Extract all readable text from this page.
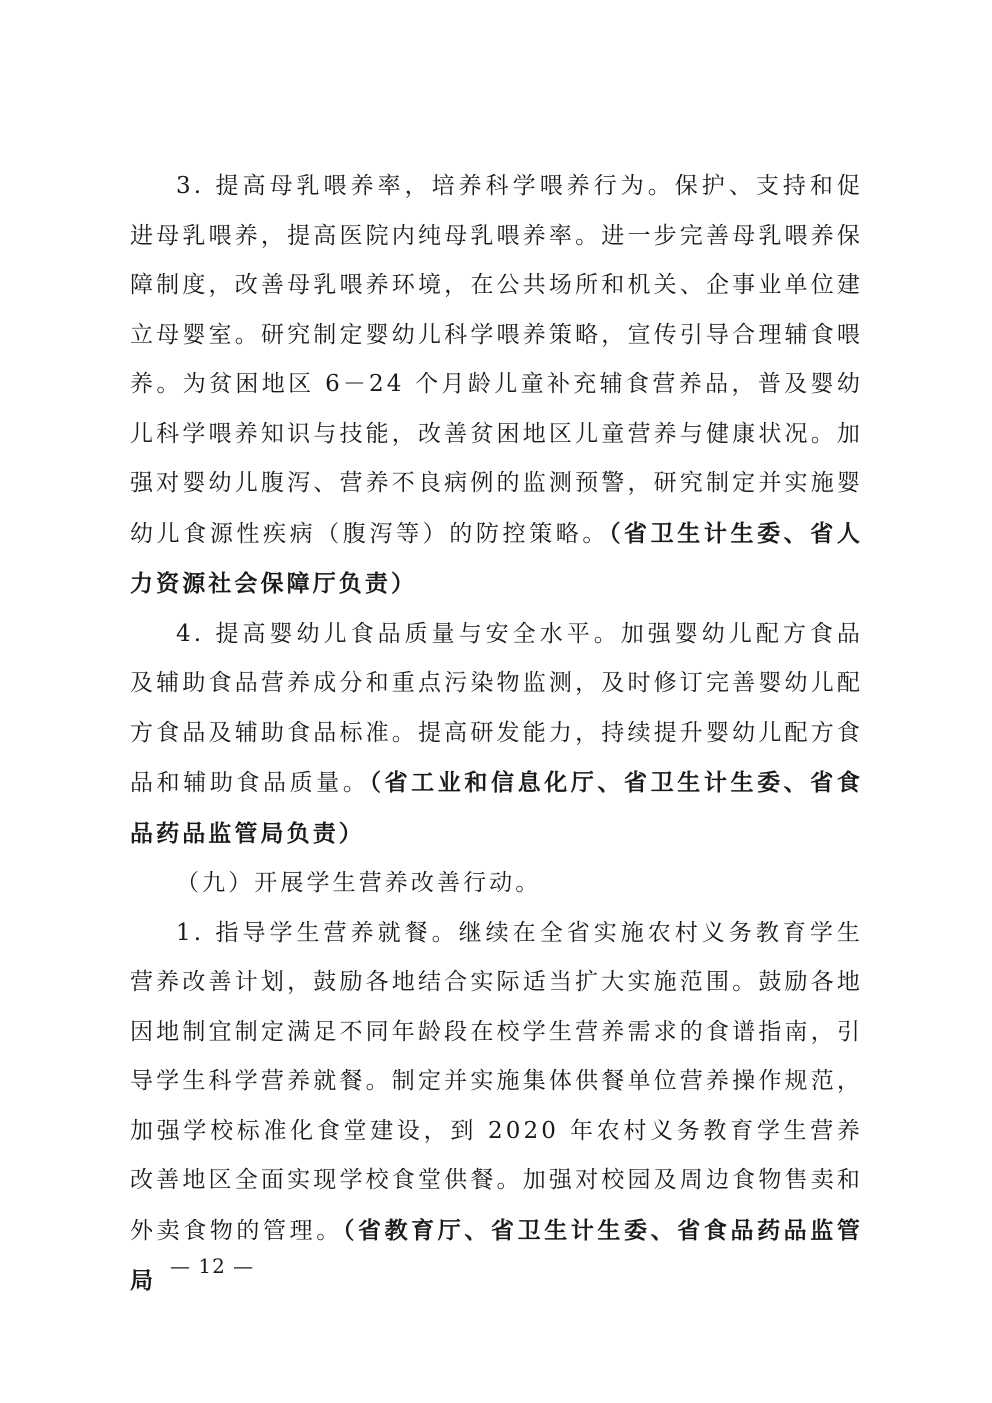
3. 提高母乳喂养率，培养科学喂养行为。保护、支持和促进母乳喂养，提高医院内纯母乳喂养率。进一步完善母乳喂养保障制度，改善母乳喂养环境，在公共场所和机关、企事业单位建立母婴室。研究制定婴幼儿科学喂养策略，宣传引导合理辅食喂养。为贫困地区 6－24 个月龄儿童补充辅食营养品，普及婴幼儿科学喂养知识与技能，改善贫困地区儿童营养与健康状况。加强对婴幼儿腹泻、营养不良病例的监测预警，研究制定并实施婴幼儿食源性疾病（腹泻等）的防控策略。（省卫生计生委、省人力资源社会保障厅负责）

4. 提高婴幼儿食品质量与安全水平。加强婴幼儿配方食品及辅助食品营养成分和重点污染物监测，及时修订完善婴幼儿配方食品及辅助食品标准。提高研发能力，持续提升婴幼儿配方食品和辅助食品质量。（省工业和信息化厅、省卫生计生委、省食品药品监管局负责）

（九）开展学生营养改善行动。

1. 指导学生营养就餐。继续在全省实施农村义务教育学生营养改善计划，鼓励各地结合实际适当扩大实施范围。鼓励各地因地制宜制定满足不同年龄段在校学生营养需求的食谱指南，引导学生科学营养就餐。制定并实施集体供餐单位营养操作规范，加强学校标准化食堂建设，到 2020 年农村义务教育学生营养改善地区全面实现学校食堂供餐。加强对校园及周边食物售卖和外卖食物的管理。（省教育厅、省卫生计生委、省食品药品监管局

— 12 —
